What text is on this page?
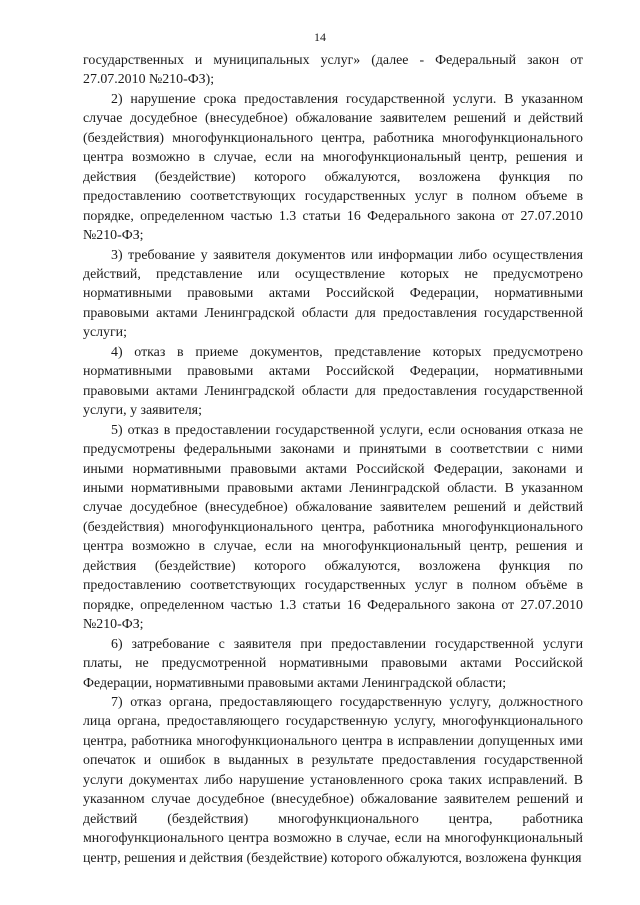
14

государственных и муниципальных услуг» (далее - Федеральный закон от 27.07.2010 №210-ФЗ);

2) нарушение срока предоставления государственной услуги. В указанном случае досудебное (внесудебное) обжалование заявителем решений и действий (бездействия) многофункционального центра, работника многофункционального центра возможно в случае, если на многофункциональный центр, решения и действия (бездействие) которого обжалуются, возложена функция по предоставлению соответствующих государственных услуг в полном объеме в порядке, определенном частью 1.3 статьи 16 Федерального закона от 27.07.2010 №210-ФЗ;

3) требование у заявителя документов или информации либо осуществления действий, представление или осуществление которых не предусмотрено нормативными правовыми актами Российской Федерации, нормативными правовыми актами Ленинградской области для предоставления государственной услуги;

4) отказ в приеме документов, представление которых предусмотрено нормативными правовыми актами Российской Федерации, нормативными правовыми актами Ленинградской области для предоставления государственной услуги, у заявителя;

5) отказ в предоставлении государственной услуги, если основания отказа не предусмотрены федеральными законами и принятыми в соответствии с ними иными нормативными правовыми актами Российской Федерации, законами и иными нормативными правовыми актами Ленинградской области. В указанном случае досудебное (внесудебное) обжалование заявителем решений и действий (бездействия) многофункционального центра, работника многофункционального центра возможно в случае, если на многофункциональный центр, решения и действия (бездействие) которого обжалуются, возложена функция по предоставлению соответствующих государственных услуг в полном объёме в порядке, определенном частью 1.3 статьи 16 Федерального закона от 27.07.2010 №210-ФЗ;

6) затребование с заявителя при предоставлении государственной услуги платы, не предусмотренной нормативными правовыми актами Российской Федерации, нормативными правовыми актами Ленинградской области;

7) отказ органа, предоставляющего государственную услугу, должностного лица органа, предоставляющего государственную услугу, многофункционального центра, работника многофункционального центра в исправлении допущенных ими опечаток и ошибок в выданных в результате предоставления государственной услуги документах либо нарушение установленного срока таких исправлений. В указанном случае досудебное (внесудебное) обжалование заявителем решений и действий (бездействия) многофункционального центра, работника многофункционального центра возможно в случае, если на многофункциональный центр, решения и действия (бездействие) которого обжалуются, возложена функция
